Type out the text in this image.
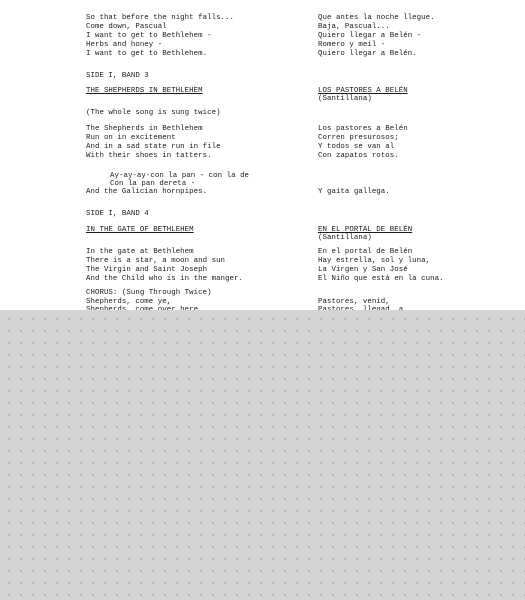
So that before the night falls...
Come down, Pascual
I want to get to Bethlehem -
Herbs and honey -
I want to get to Bethlehem.
SIDE I, BAND 3
THE SHEPHERDS IN BETHLEHEM
(The whole song is sung twice)
The Shepherds in Bethlehem
Run on in excitement
And in a sad state run in file
With their shoes in tatters.
Ay-ay-ay-con la pan - con la de
Con la pan dereta -
And the Galician hornpipes.
SIDE I, BAND 4
IN THE GATE OF BETHLEHEM
In the gate at Bethlehem
There is a star, a moon and sun
The Virgin and Saint Joseph
And the Child who is in the manger.
CHORUS: (Sung Through Twice)
Shepherds, come ye,
Que antes la noche llegue.
Baja, Pascual...
Quiero llegar a Belén -
Romero y meil -
Quiero llegar a Belén.
LOS PASTORES A BELÉN
(Santillana)
Los pastores a Belén
Corren presurosos;
Y todos se van al
Con zapatos rotos.
Y gaita gallega.
EN EL PORTAL DE BELÉN
(Santillana)
En el portal de Belén
Hay estrella, sol y luna,
La Virgen y San José
El Niño que está en la cuna.
Pastores, venid,
